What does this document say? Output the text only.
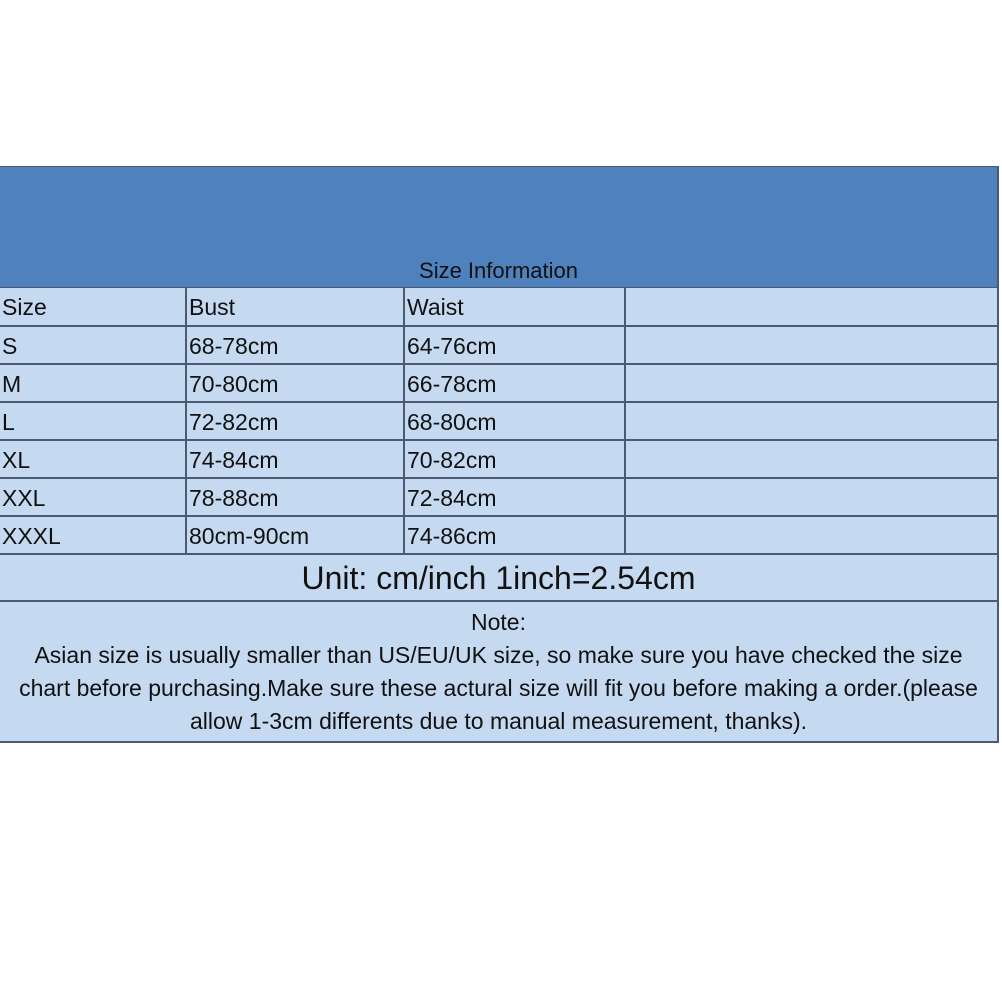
Size Information
Size	Bust	Waist
S	68-78cm	64-76cm
M	70-80cm	66-78cm
L	72-82cm	68-80cm
XL	74-84cm	70-82cm
XXL	78-88cm	72-84cm
XXXL	80cm-90cm	74-86cm
Unit: cm/inch 1inch=2.54cm
Note:
Asian size is usually smaller than US/EU/UK size, so make sure you have checked the size chart before purchasing.Make sure these actural size will fit you before making a order.(please allow 1-3cm differents due to manual measurement, thanks).
